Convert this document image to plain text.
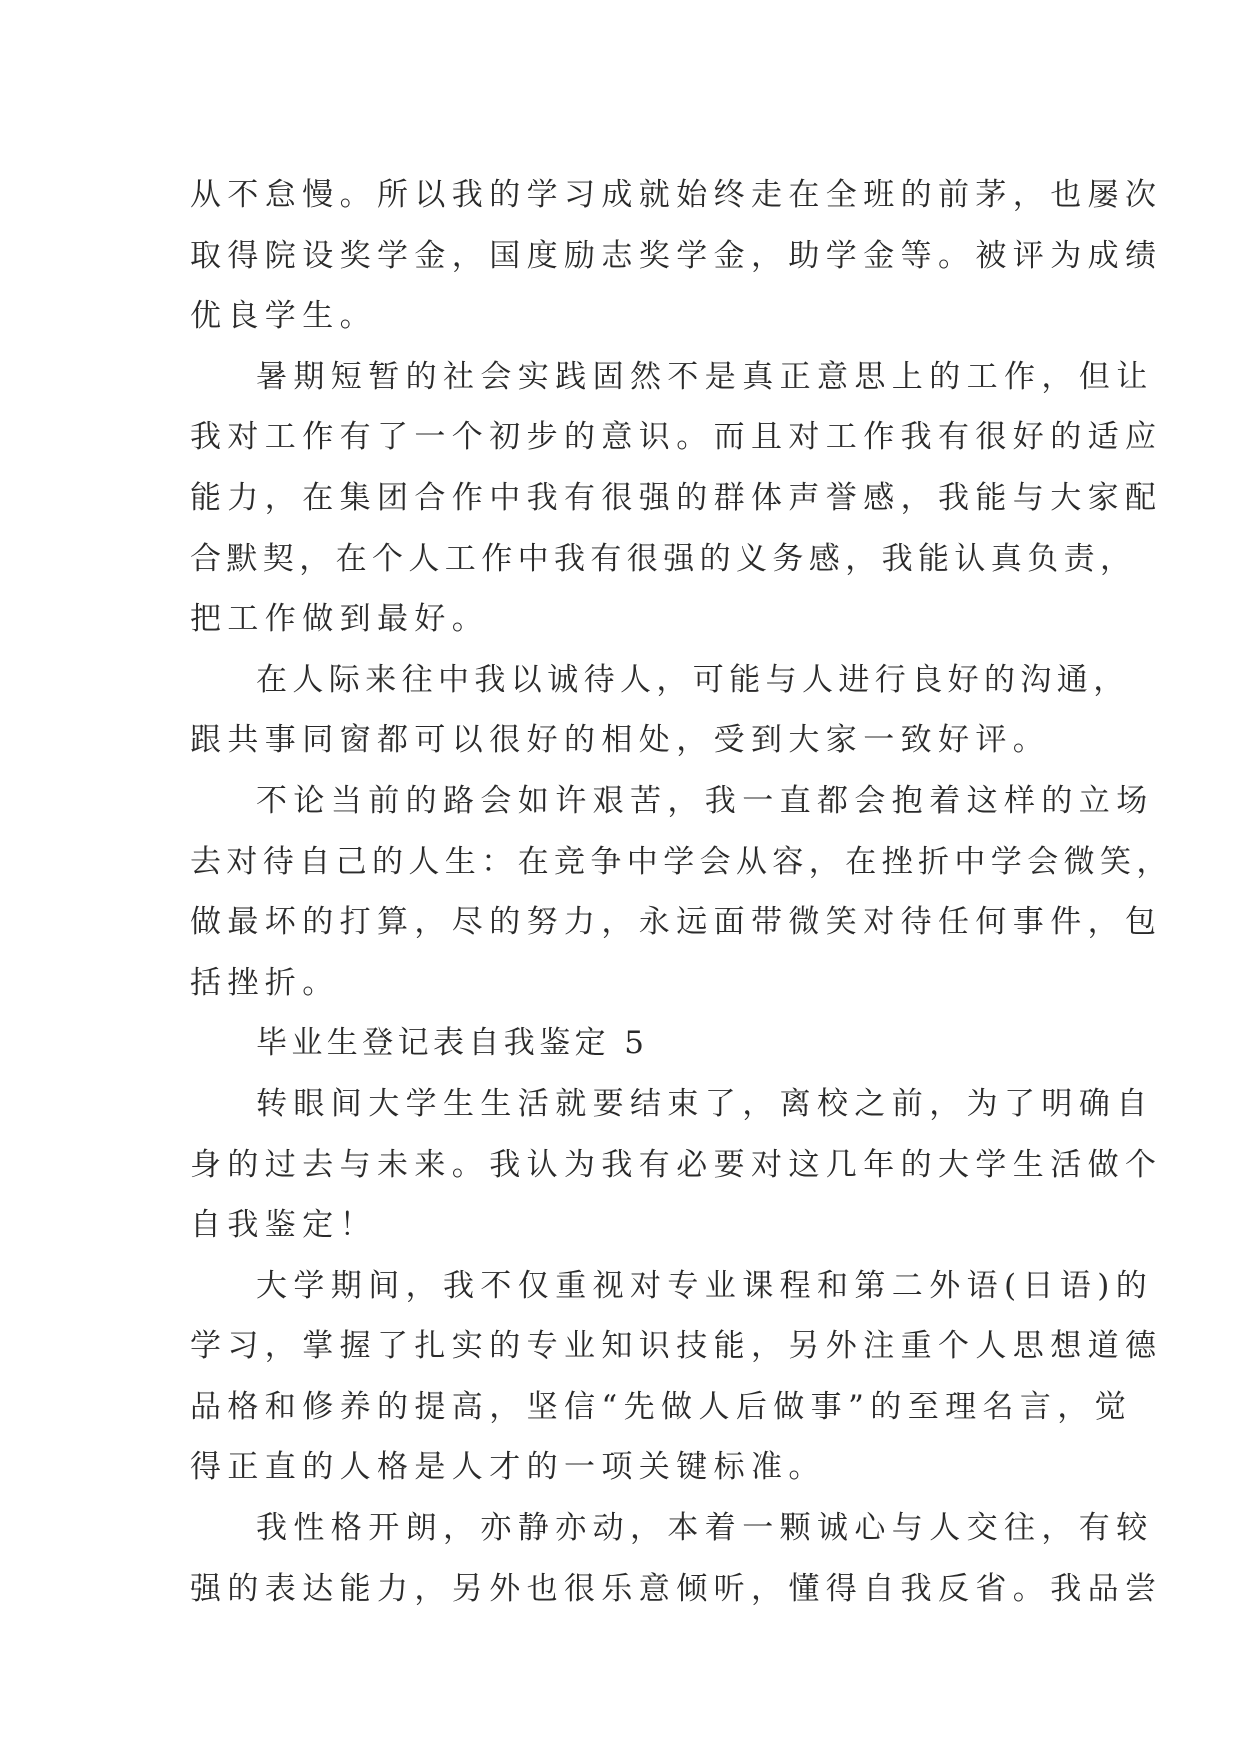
从不怠慢。所以我的学习成就始终走在全班的前茅，也屡次
取得院设奖学金，国度励志奖学金，助学金等。被评为成绩
优良学生。
暑期短暂的社会实践固然不是真正意思上的工作，但让
我对工作有了一个初步的意识。而且对工作我有很好的适应
能力，在集团合作中我有很强的群体声誉感，我能与大家配
合默契，在个人工作中我有很强的义务感，我能认真负责，
把工作做到最好。
在人际来往中我以诚待人，可能与人进行良好的沟通，
跟共事同窗都可以很好的相处，受到大家一致好评。
不论当前的路会如许艰苦，我一直都会抱着这样的立场
去对待自己的人生：在竞争中学会从容，在挫折中学会微笑，
做最坏的打算，尽的努力，永远面带微笑对待任何事件，包
括挫折。
毕业生登记表自我鉴定 5
转眼间大学生生活就要结束了，离校之前，为了明确自
身的过去与未来。我认为我有必要对这几年的大学生活做个
自我鉴定！
大学期间，我不仅重视对专业课程和第二外语(日语)的
学习，掌握了扎实的专业知识技能，另外注重个人思想道德
品格和修养的提高，坚信“先做人后做事”的至理名言，觉
得正直的人格是人才的一项关键标准。
我性格开朗，亦静亦动，本着一颗诚心与人交往，有较
强的表达能力，另外也很乐意倾听，懂得自我反省。我品尝
